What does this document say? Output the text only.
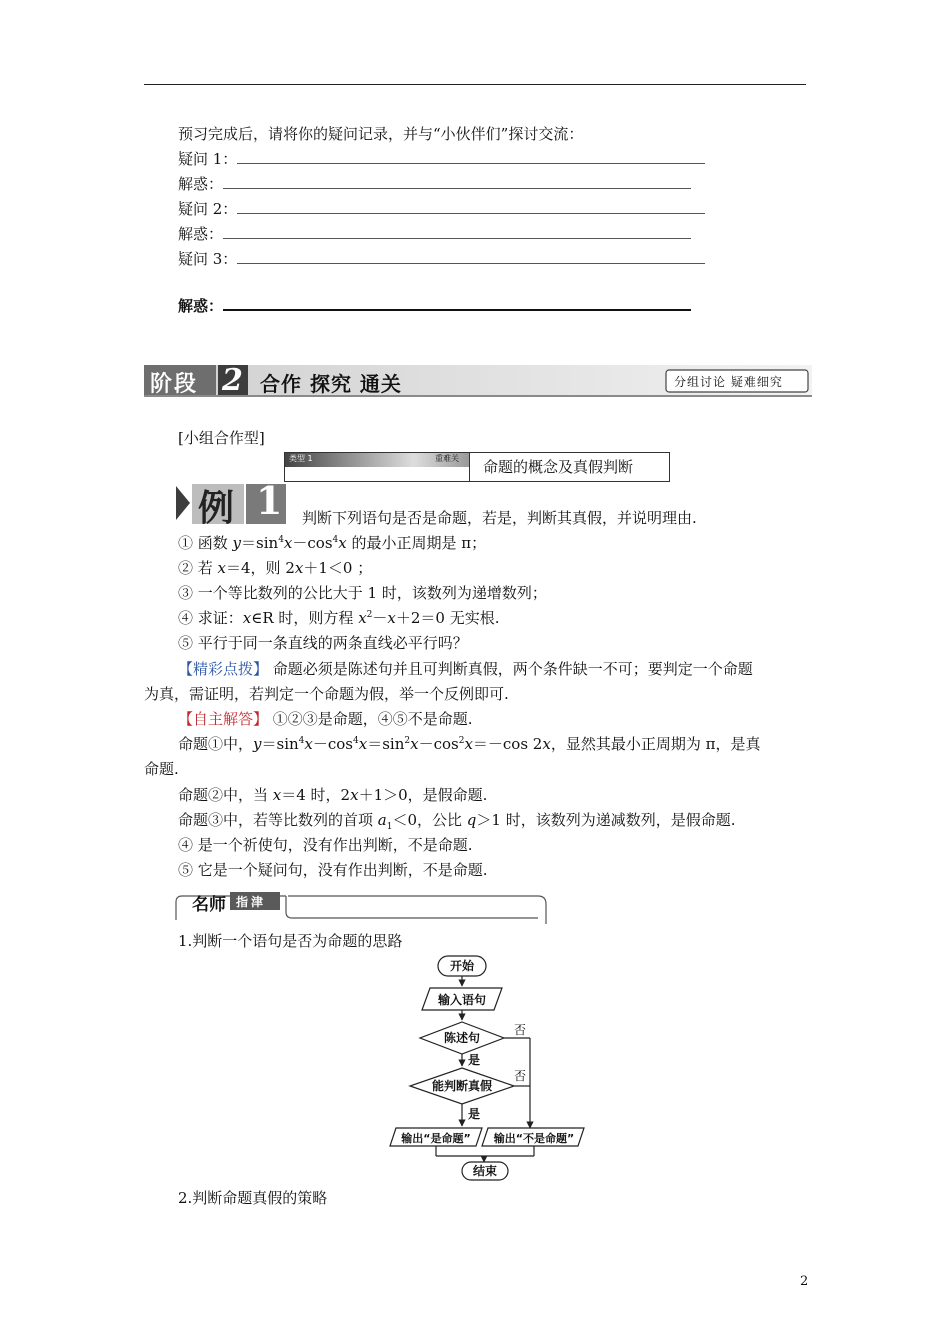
预习完成后，请将你的疑问记录，并与“小伙伴们”探讨交流：
疑问 1：
解惑：
疑问 2：
解惑：
疑问 3：
解惑：
阶段 2 合作 探究 通关	分组讨论 疑难细究
[小组合作型]
类型 1	重难关 命题的概念及真假判断
例 1 判断下列语句是否是命题，若是，判断其真假，并说明理由.
① 函数 $y=\sin^4x-\cos^4x$ 的最小正周期是 π；
② 若 x＝4，则 2x＋1＜0 ；
③ 一个等比数列的公比大于 1 时，该数列为递增数列；
④ 求证：x∈R 时，则方程 $x^2-x+2=0$ 无实根.
⑤ 平行于同一条直线的两条直线必平行吗？
【精彩点拨】 命题必须是陈述句并且可判断真假，两个条件缺一不可；要判定一个命题
为真，需证明，若判定一个命题为假，举一个反例即可.
【自主解答】 ①②③是命题，④⑤不是命题.
命题①中，$y=\sin^4x-\cos^4x=\sin^2x-\cos^2x=-\cos$ 2x，显然其最小正周期为 π，是真
命题.
命题②中，当 x＝4 时，2x＋1＞0，是假命题.
命题③中，若等比数列的首项 $a_1<0$，公比 q＞1 时，该数列为递减数列，是假命题.
④ 是一个祈使句，没有作出判断，不是命题.
⑤ 它是一个疑问句，没有作出判断，不是命题.
名师 指津
1.判断一个语句是否为命题的思路
开始
输入语句
陈述句
能判断真假
是
是
否
否
输出“是命题” 输出“不是命题”
结束
2.判断命题真假的策略
2
